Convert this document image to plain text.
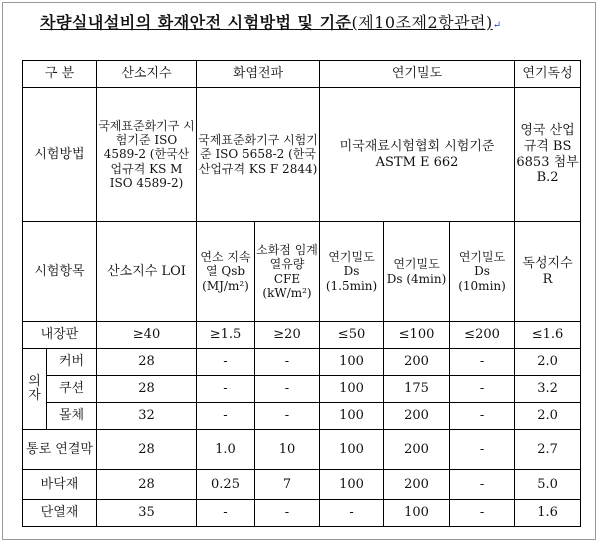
차량실내설비의 화재안전 시험방법 및 기준(제10조제2항관련)↵
구 분		산소지수	화염전파		연기밀도			연기독성
시험방법		국제표준화기구 시험기준 ISO 4589-2 (한국산업규격 KS M ISO 4589-2)	국제표준화기구 시험기준 ISO 5658-2 (한국산업규격 KS F 2844)		미국재료시험협회 시험기준 ASTM E 662			영국 산업규격 BS 6853 첨부 B.2
시험항목		산소지수 LOI	연소 지속열 Qsb (MJ/m²)	소화점 임계 열유량 CFE (kW/m²)	연기밀도 Ds (1.5min)	연기밀도 Ds (4min)	연기밀도 Ds (10min)	독성지수 R
내장판		≥40	≥1.5	≥20	≤50	≤100	≤200	≤1.6
의자	커버	28	-	-	100	200	-	2.0
	쿠션	28	-	-	100	175	-	3.2
	몰체	32	-	-	100	200	-	2.0
통로 연결막		28	1.0	10	100	200	-	2.7
바닥재		28	0.25	7	100	200	-	5.0
단열재		35	-	-	-	100	-	1.6
